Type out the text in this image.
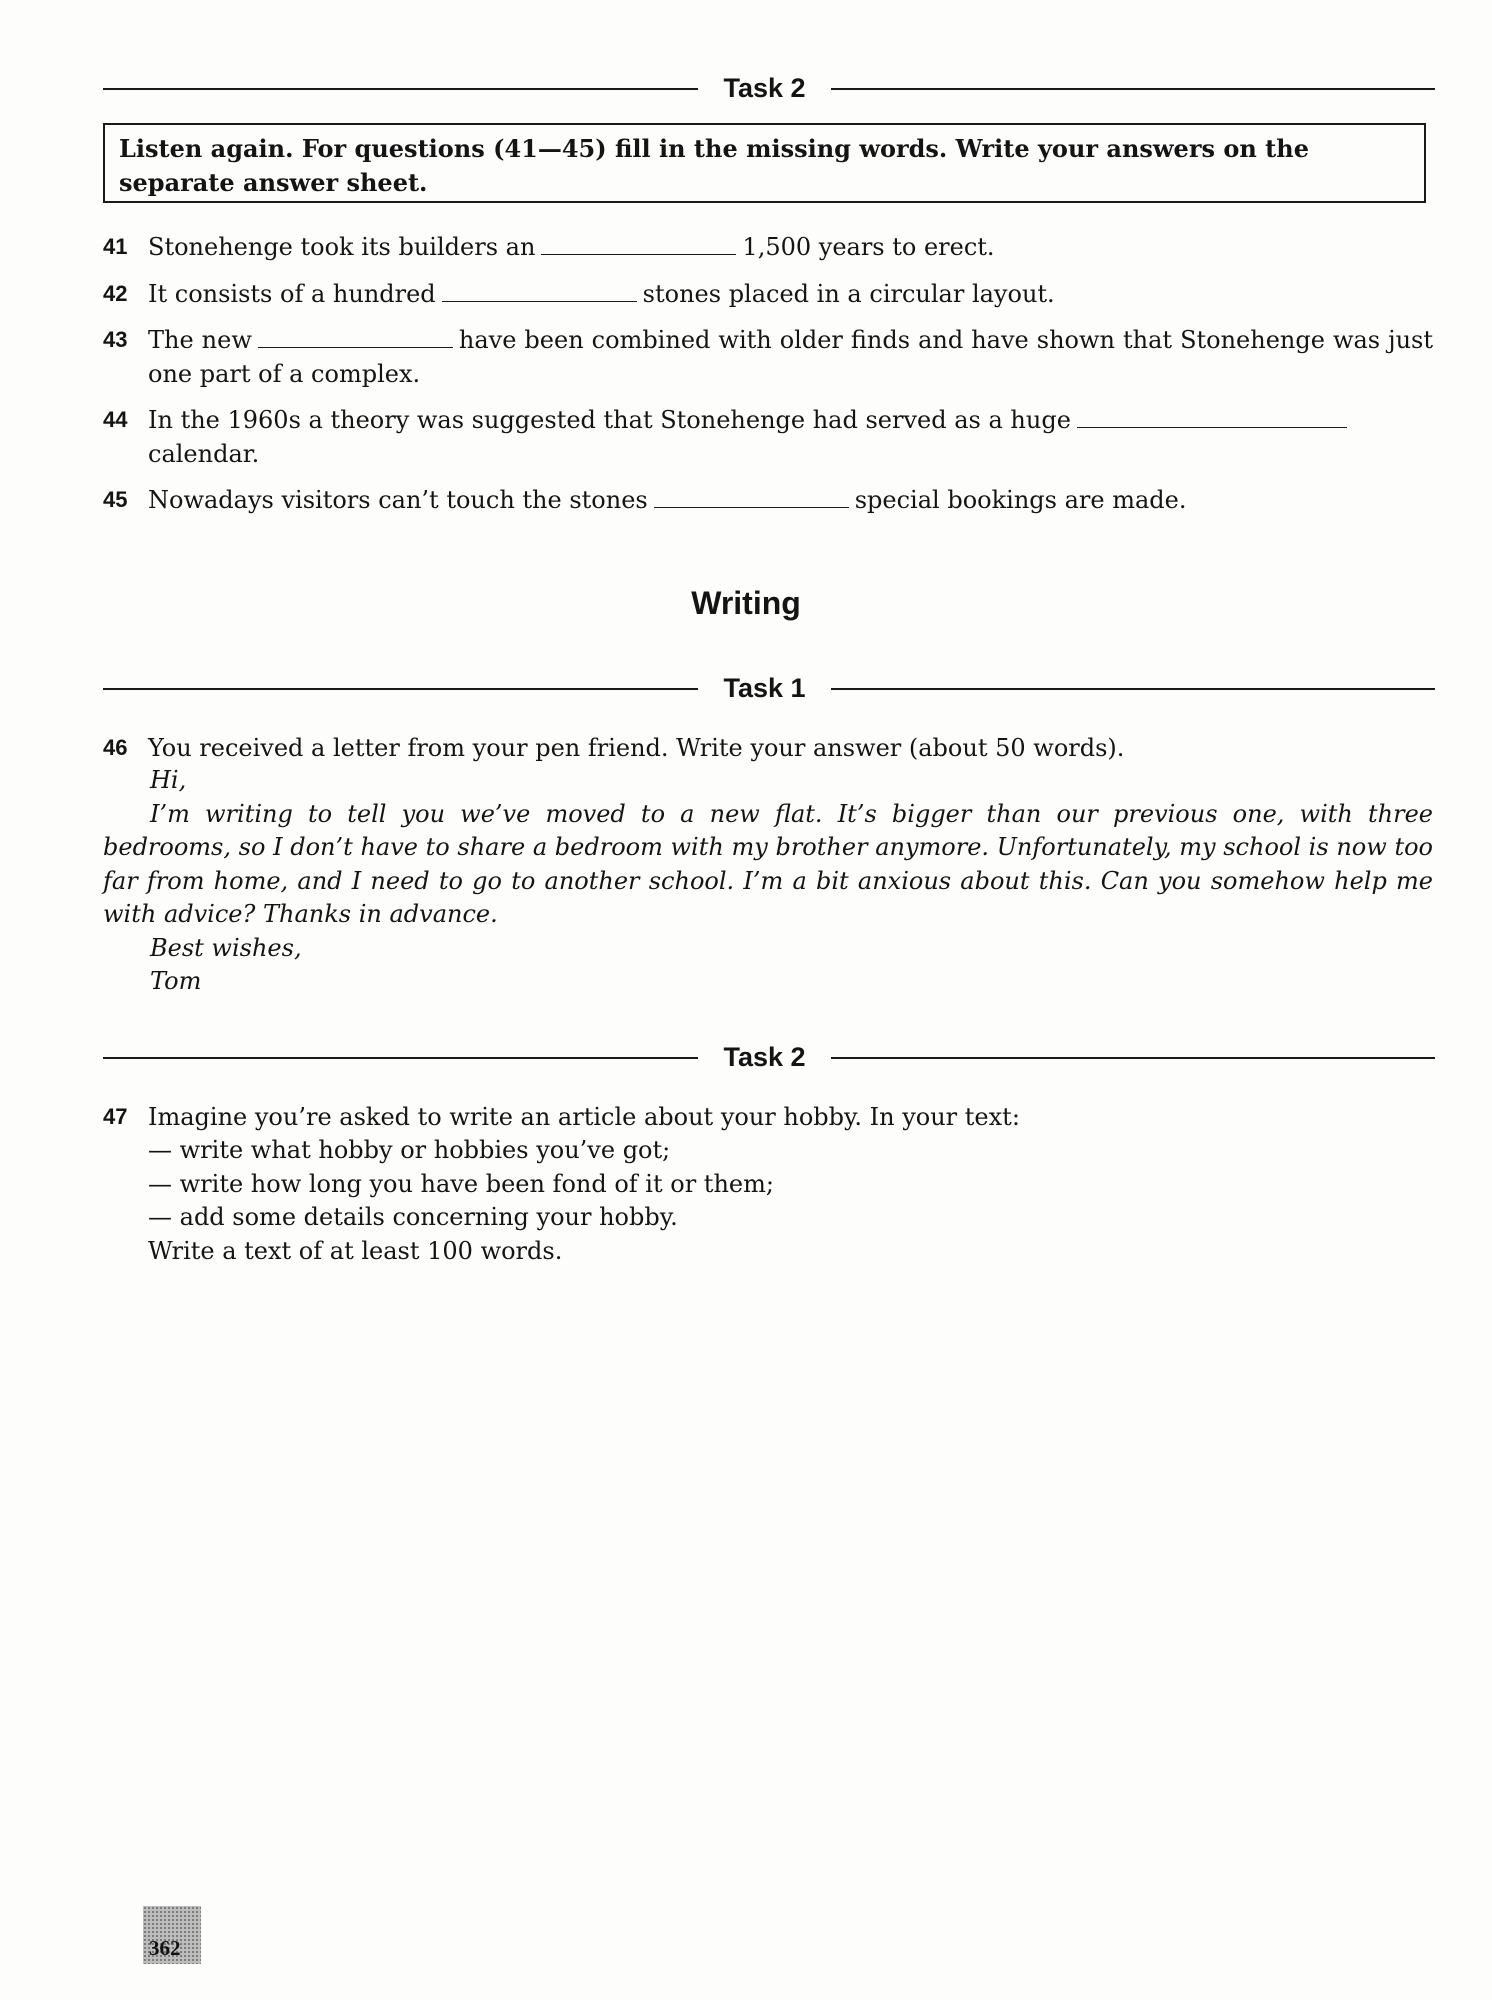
Task 2
Listen again. For questions (41—45) fill in the missing words. Write your answers on the separate answer sheet.
41 Stonehenge took its builders an	1,500 years to erect.
42 It consists of a hundred	stones placed in a circular layout.
43 The new	have been combined with older finds and have shown that Stonehenge was just one part of a complex.
44 In the 1960s a theory was suggested that Stonehenge had served as a huge
calendar.
45 Nowadays visitors can’t touch the stones	special bookings are made.
Writing
Task 1
46 You received a letter from your pen friend. Write your answer (about 50 words).
Hi,
I’m writing to tell you we’ve moved to a new flat. It’s bigger than our previous one, with three bedrooms, so I don’t have to share a bedroom with my brother anymore. Unfortunately, my school is now too far from home, and I need to go to another school. I’m a bit anxious about this. Can you somehow help me with advice? Thanks in advance.
Best wishes,
Tom
Task 2
47 Imagine you’re asked to write an article about your hobby. In your text:
— write what hobby or hobbies you’ve got;
— write how long you have been fond of it or them;
— add some details concerning your hobby.
Write a text of at least 100 words.
362
